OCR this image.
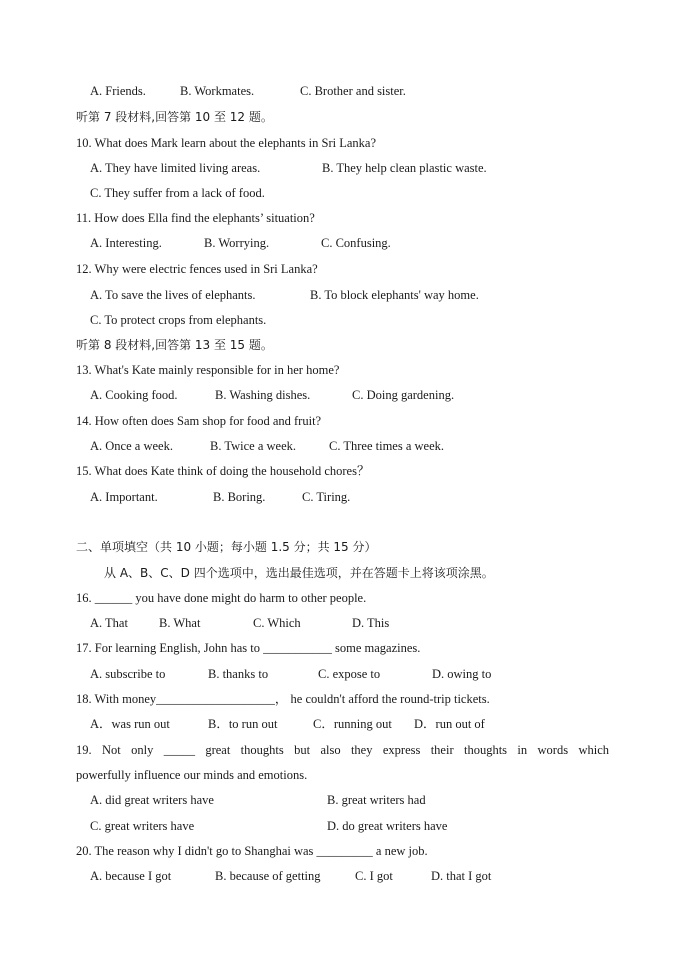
A. Friends.	B. Workmates.	C. Brother and sister.
听第 7 段材料,回答第 10 至 12 题。
10. What does Mark learn about the elephants in Sri Lanka?
A. They have limited living areas.	B. They help clean plastic waste.
C. They suffer from a lack of food.
11. How does Ella find the elephants’ situation?
A. Interesting.	B. Worrying.	C. Confusing.
12. Why were electric fences used in Sri Lanka?
A. To save the lives of elephants.	B. To block elephants' way home.
C. To protect crops from elephants.
听第 8 段材料,回答第 13 至 15 题。
13. What's Kate mainly responsible for in her home?
A. Cooking food.	B. Washing dishes.	C. Doing gardening.
14. How often does Sam shop for food and fruit?
A. Once a week.	B. Twice a week.	C. Three times a week.
15. What does Kate think of doing the household chores？
A. Important.	B. Boring.	C. Tiring.
二、单项填空（共 10 小题；每小题 1.5 分；共 15 分）
从 A、B、C、D 四个选项中，选出最佳选项，并在答题卡上将该项涂黑。
16. ______ you have done might do harm to other people.
A. That B. What	C. Which	D. This
17. For learning English, John has to ___________ some magazines.
A. subscribe to	B. thanks to	C. expose to	D. owing to
18. With money___________________， he couldn't afford the round-trip tickets.
A．was run out	B．to run out	C．running out D．run out of
19. Not only _____ great thoughts but also they express their thoughts in words which
powerfully influence our minds and emotions.
A. did great writers have	B. great writers had
C. great writers have	D. do great writers have
20. The reason why I didn't go to Shanghai was _________ a new job.
A. because I got	B. because of getting	C. I got	D. that I got
